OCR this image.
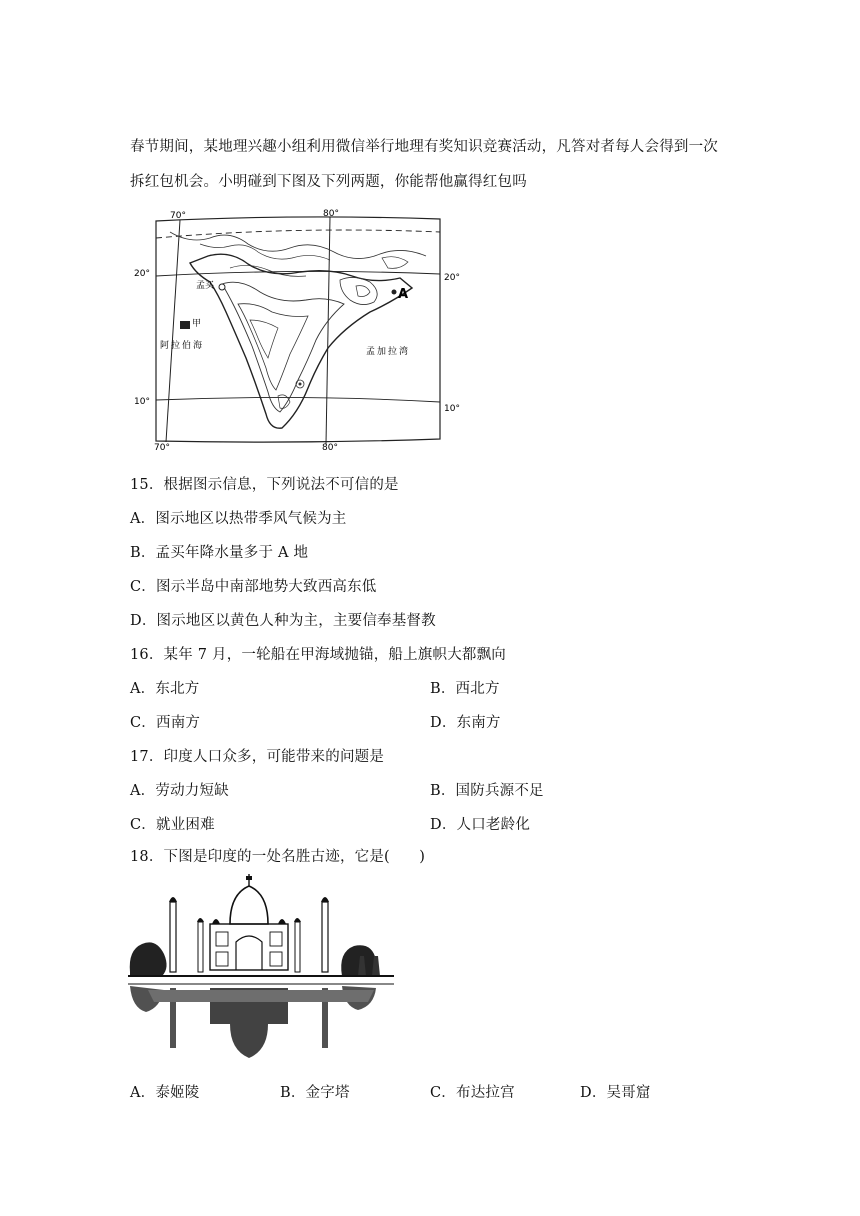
春节期间，某地理兴趣小组利用微信举行地理有奖知识竞赛活动，凡答对者每人会得到一次
拆红包机会。小明碰到下图及下列两题，你能帮他赢得红包吗
70°	80°
70°	80°
20°	20°
10°
10°
孟买
A
甲
阿拉伯海
孟加拉湾
15．根据图示信息，下列说法不可信的是
A．图示地区以热带季风气候为主
B．孟买年降水量多于 A 地
C．图示半岛中南部地势大致西高东低
D．图示地区以黄色人种为主，主要信奉基督教
16．某年 7 月，一轮船在甲海域抛锚，船上旗帜大都飘向
A．东北方	B．西北方
C．西南方	D．东南方
17．印度人口众多，可能带来的问题是
A．劳动力短缺	B．国防兵源不足
C．就业困难	D．人口老龄化
18．下图是印度的一处名胜古迹，它是(　　)
A．泰姬陵	B．金字塔	C．布达拉宫	D．吴哥窟
